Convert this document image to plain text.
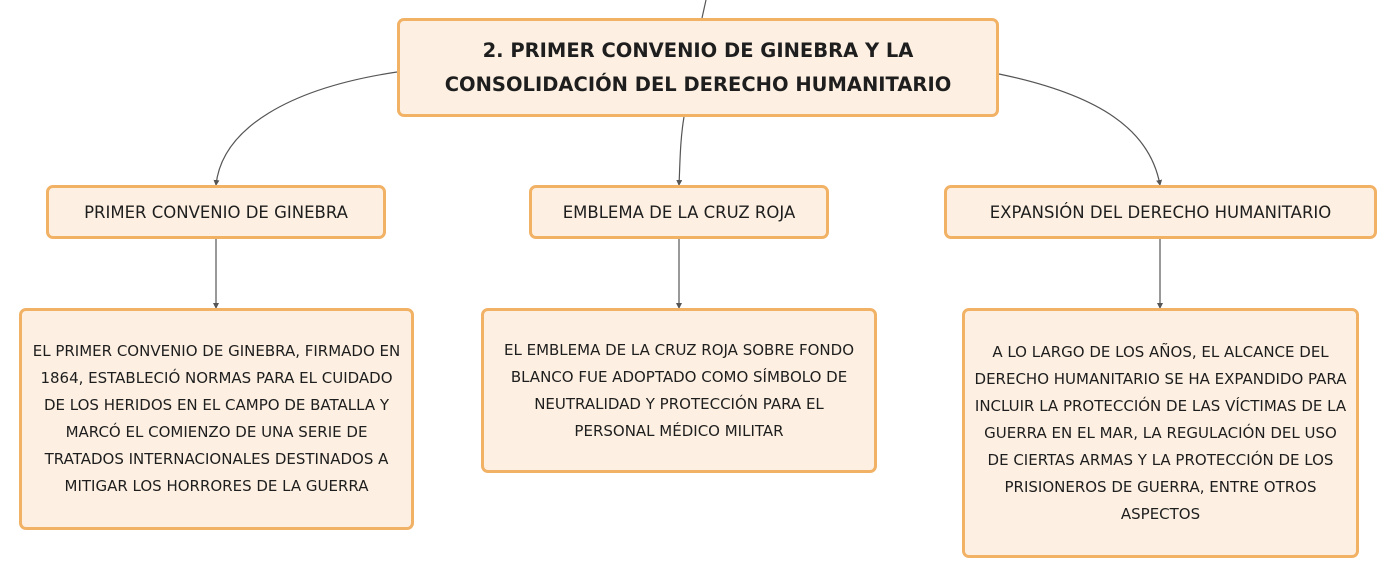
2. PRIMER CONVENIO DE GINEBRA Y LA CONSOLIDACIÓN DEL DERECHO HUMANITARIO
PRIMER CONVENIO DE GINEBRA	EMBLEMA DE LA CRUZ ROJA	EXPANSIÓN DEL DERECHO HUMANITARIO
EL PRIMER CONVENIO DE GINEBRA, FIRMADO EN 1864, ESTABLECIÓ NORMAS PARA EL CUIDADO DE LOS HERIDOS EN EL CAMPO DE BATALLA Y MARCÓ EL COMIENZO DE UNA SERIE DE TRATADOS INTERNACIONALES DESTINADOS A MITIGAR LOS HORRORES DE LA GUERRA
EL EMBLEMA DE LA CRUZ ROJA SOBRE FONDO BLANCO FUE ADOPTADO COMO SÍMBOLO DE NEUTRALIDAD Y PROTECCIÓN PARA EL PERSONAL MÉDICO MILITAR
A LO LARGO DE LOS AÑOS, EL ALCANCE DEL DERECHO HUMANITARIO SE HA EXPANDIDO PARA INCLUIR LA PROTECCIÓN DE LAS VÍCTIMAS DE LA GUERRA EN EL MAR, LA REGULACIÓN DEL USO DE CIERTAS ARMAS Y LA PROTECCIÓN DE LOS PRISIONEROS DE GUERRA, ENTRE OTROS ASPECTOS
